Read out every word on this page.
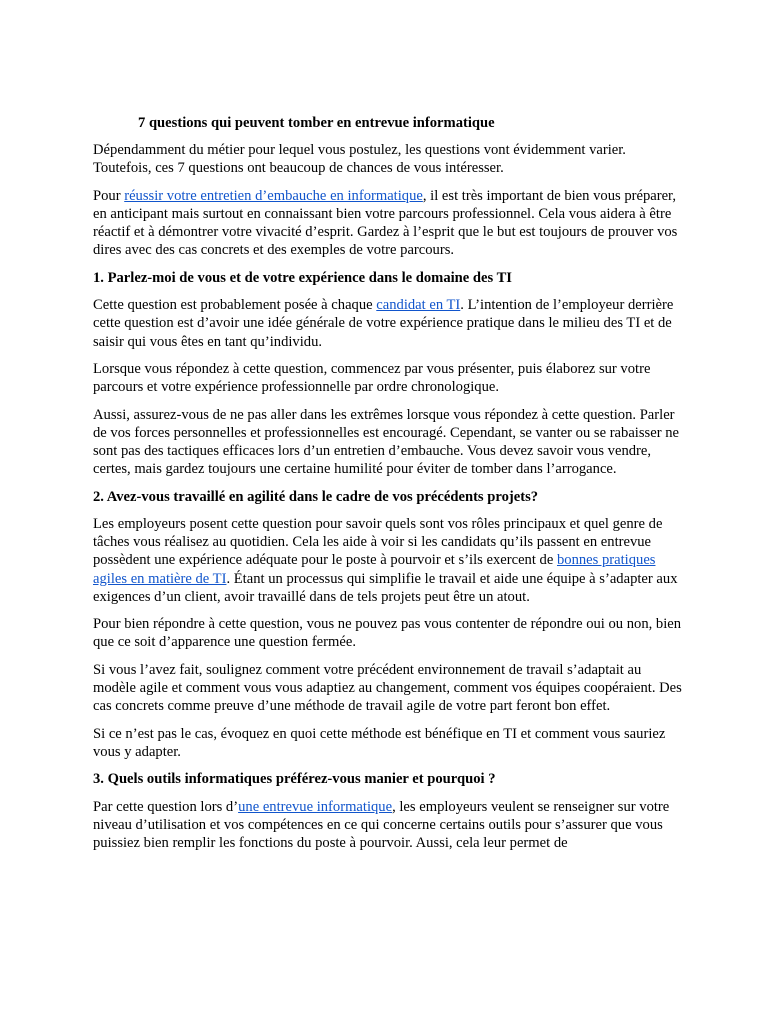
7 questions qui peuvent tomber en entrevue informatique

Dépendamment du métier pour lequel vous postulez, les questions vont évidemment varier. Toutefois, ces 7 questions ont beaucoup de chances de vous intéresser.

Pour réussir votre entretien d’embauche en informatique, il est très important de bien vous préparer, en anticipant mais surtout en connaissant bien votre parcours professionnel. Cela vous aidera à être réactif et à démontrer votre vivacité d’esprit. Gardez à l’esprit que le but est toujours de prouver vos dires avec des cas concrets et des exemples de votre parcours.

1. Parlez-moi de vous et de votre expérience dans le domaine des TI

Cette question est probablement posée à chaque candidat en TI. L’intention de l’employeur derrière cette question est d’avoir une idée générale de votre expérience pratique dans le milieu des TI et de saisir qui vous êtes en tant qu’individu.

Lorsque vous répondez à cette question, commencez par vous présenter, puis élaborez sur votre parcours et votre expérience professionnelle par ordre chronologique.

Aussi, assurez-vous de ne pas aller dans les extrêmes lorsque vous répondez à cette question. Parler de vos forces personnelles et professionnelles est encouragé. Cependant, se vanter ou se rabaisser ne sont pas des tactiques efficaces lors d’un entretien d’embauche. Vous devez savoir vous vendre, certes, mais gardez toujours une certaine humilité pour éviter de tomber dans l’arrogance.

2. Avez-vous travaillé en agilité dans le cadre de vos précédents projets?

Les employeurs posent cette question pour savoir quels sont vos rôles principaux et quel genre de tâches vous réalisez au quotidien. Cela les aide à voir si les candidats qu’ils passent en entrevue possèdent une expérience adéquate pour le poste à pourvoir et s’ils exercent de bonnes pratiques agiles en matière de TI. Étant un processus qui simplifie le travail et aide une équipe à s’adapter aux exigences d’un client, avoir travaillé dans de tels projets peut être un atout.

Pour bien répondre à cette question, vous ne pouvez pas vous contenter de répondre oui ou non, bien que ce soit d’apparence une question fermée.

Si vous l’avez fait, soulignez comment votre précédent environnement de travail s’adaptait au modèle agile et comment vous vous adaptiez au changement, comment vos équipes coopéraient. Des cas concrets comme preuve d’une méthode de travail agile de votre part feront bon effet.

Si ce n’est pas le cas, évoquez en quoi cette méthode est bénéfique en TI et comment vous sauriez vous y adapter.

3. Quels outils informatiques préférez-vous manier et pourquoi ?

Par cette question lors d’une entrevue informatique, les employeurs veulent se renseigner sur votre niveau d’utilisation et vos compétences en ce qui concerne certains outils pour s’assurer que vous puissiez bien remplir les fonctions du poste à pourvoir. Aussi, cela leur permet de
